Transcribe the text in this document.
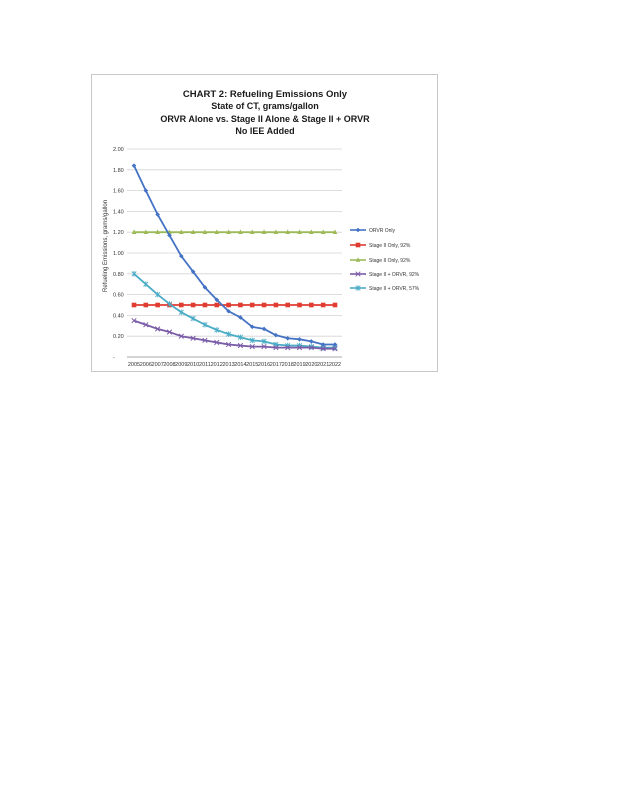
CHART 2: Refueling Emissions Only
State of CT, grams/gallon
ORVR Alone vs. Stage II Alone & Stage II + ORVR
No IEE Added
2.00
1.80
1.60
1.40
1.20
1.00
0.80
0.60
0.40
0.20
-
2005 2006 2007 2008 2009 2010 2011 2012 2013 2014 2015 2016 2017 2018 2019 2020 2021 2022
Refueling Emissions, grams/gallon	ORVR Only
Stage II Only, 92%
Stage II Only, 92%
Stage II + ORVR, 92%
Stage II + ORVR, 57%
